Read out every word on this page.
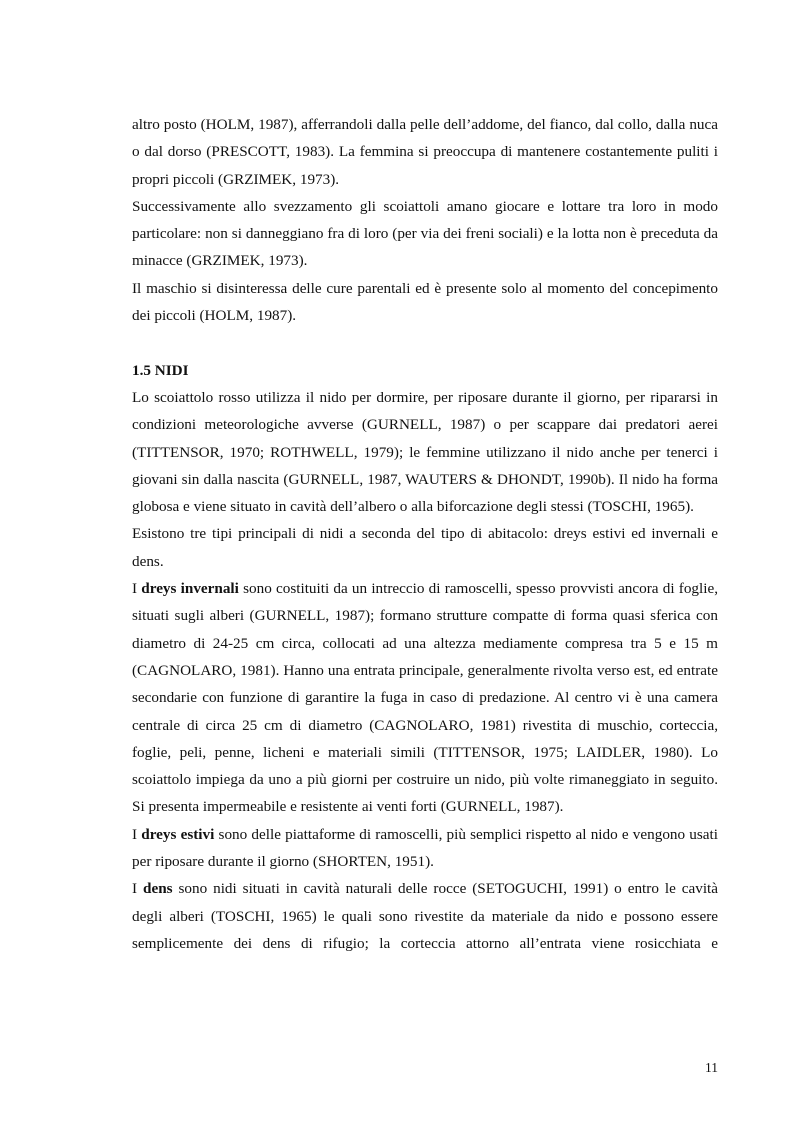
altro posto (HOLM, 1987), afferrandoli dalla pelle dell’addome, del fianco, dal collo, dalla nuca o dal dorso (PRESCOTT, 1983). La femmina si preoccupa di mantenere costantemente puliti i propri piccoli (GRZIMEK, 1973).

Successivamente allo svezzamento gli scoiattoli amano giocare e lottare tra loro in modo particolare: non si danneggiano fra di loro (per via dei freni sociali) e la lotta non è preceduta da minacce (GRZIMEK, 1973).

Il maschio si disinteressa delle cure parentali ed è presente solo al momento del concepimento dei piccoli (HOLM, 1987).

1.5 NIDI

Lo scoiattolo rosso utilizza il nido per dormire, per riposare durante il giorno, per ripararsi in condizioni meteorologiche avverse (GURNELL, 1987) o per scappare dai predatori aerei (TITTENSOR, 1970; ROTHWELL, 1979); le femmine utilizzano il nido anche per tenerci i giovani sin dalla nascita (GURNELL, 1987, WAUTERS & DHONDT, 1990b). Il nido ha forma globosa e viene situato in cavità dell’albero o alla biforcazione degli stessi (TOSCHI, 1965).

Esistono tre tipi principali di nidi a seconda del tipo di abitacolo: dreys estivi ed invernali e dens.

I dreys invernali sono costituiti da un intreccio di ramoscelli, spesso provvisti ancora di foglie, situati sugli alberi (GURNELL, 1987); formano strutture compatte di forma quasi sferica con diametro di 24-25 cm circa, collocati ad una altezza mediamente compresa tra 5 e 15 m (CAGNOLARO, 1981). Hanno una entrata principale, generalmente rivolta verso est, ed entrate secondarie con funzione di garantire la fuga in caso di predazione. Al centro vi è una camera centrale di circa 25 cm di diametro (CAGNOLARO, 1981) rivestita di muschio, corteccia, foglie, peli, penne, licheni e materiali simili (TITTENSOR, 1975; LAIDLER, 1980). Lo scoiattolo impiega da uno a più giorni per costruire un nido, più volte rimaneggiato in seguito. Si presenta impermeabile e resistente ai venti forti (GURNELL, 1987).

I dreys estivi sono delle piattaforme di ramoscelli, più semplici rispetto al nido e vengono usati per riposare durante il giorno (SHORTEN, 1951).

I dens sono nidi situati in cavità naturali delle rocce (SETOGUCHI, 1991) o entro le cavità degli alberi (TOSCHI, 1965) le quali sono rivestite da materiale da nido e possono essere semplicemente dei dens di rifugio; la corteccia attorno all’entrata viene rosicchiata e

11
